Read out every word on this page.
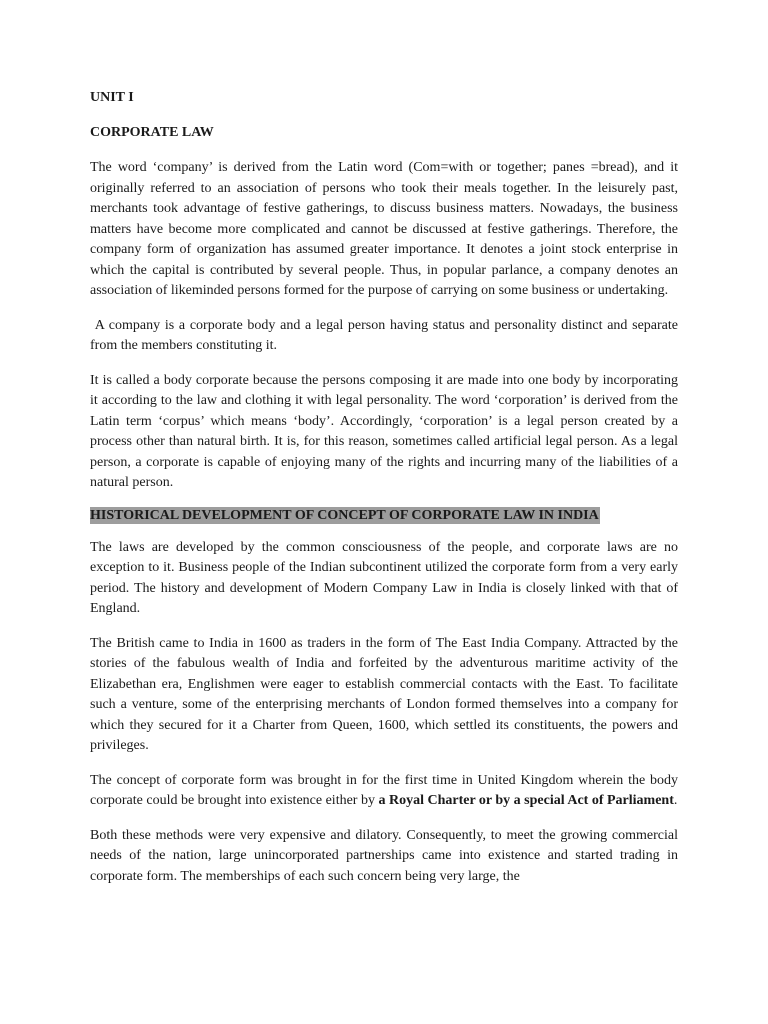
UNIT I

CORPORATE LAW

The word ‘company’ is derived from the Latin word (Com=with or together; panes =bread), and it originally referred to an association of persons who took their meals together. In the leisurely past, merchants took advantage of festive gatherings, to discuss business matters. Nowadays, the business matters have become more complicated and cannot be discussed at festive gatherings. Therefore, the company form of organization has assumed greater importance. It denotes a joint stock enterprise in which the capital is contributed by several people. Thus, in popular parlance, a company denotes an association of likeminded persons formed for the purpose of carrying on some business or undertaking.

A company is a corporate body and a legal person having status and personality distinct and separate from the members constituting it.

It is called a body corporate because the persons composing it are made into one body by incorporating it according to the law and clothing it with legal personality. The word ‘corporation’ is derived from the Latin term ‘corpus’ which means ‘body’. Accordingly, ‘corporation’ is a legal person created by a process other than natural birth. It is, for this reason, sometimes called artificial legal person. As a legal person, a corporate is capable of enjoying many of the rights and incurring many of the liabilities of a natural person.

HISTORICAL DEVELOPMENT OF CONCEPT OF CORPORATE LAW IN INDIA

The laws are developed by the common consciousness of the people, and corporate laws are no exception to it. Business people of the Indian subcontinent utilized the corporate form from a very early period. The history and development of Modern Company Law in India is closely linked with that of England.

The British came to India in 1600 as traders in the form of The East India Company. Attracted by the stories of the fabulous wealth of India and forfeited by the adventurous maritime activity of the Elizabethan era, Englishmen were eager to establish commercial contacts with the East. To facilitate such a venture, some of the enterprising merchants of London formed themselves into a company for which they secured for it a Charter from Queen, 1600, which settled its constituents, the powers and privileges.

The concept of corporate form was brought in for the first time in United Kingdom wherein the body corporate could be brought into existence either by a Royal Charter or by a special Act of Parliament.

Both these methods were very expensive and dilatory. Consequently, to meet the growing commercial needs of the nation, large unincorporated partnerships came into existence and started trading in corporate form. The memberships of each such concern being very large, the
